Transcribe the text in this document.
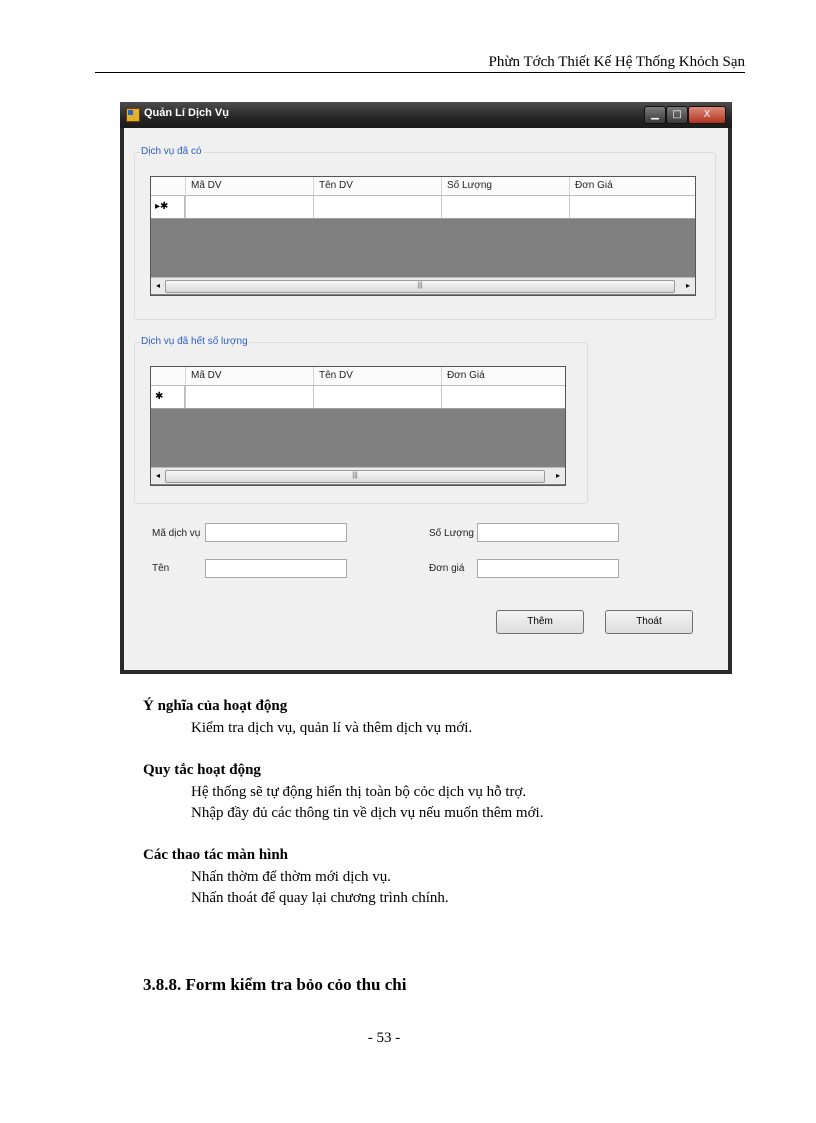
Phừn Tớch Thiết Kế Hệ Thống Khỏch Sạn
Quản Lí Dịch Vụ	▁	□	X
Dịch vụ đã có
Mã DV	Tên DV	Số Lượng	Đơn Giá
▸✱
◂	|||	▸
Dịch vụ đã hết số lượng
Mã DV	Tên DV	Đơn Giá
✱
◂	|||	▸
Mã dịch vụ
Tên
Số Lượng
Đơn giá
Thêm	Thoát
Ý nghĩa của hoạt động
Kiểm tra dịch vụ, quản lí và thêm dịch vụ mới.
Quy tắc hoạt động
Hệ thống sẽ tự động hiển thị toàn bộ cỏc dịch vụ hỗ trợ.
Nhập đầy đủ các thông tin về dịch vụ nếu muốn thêm mới.
Các thao tác màn hình
Nhấn thờm để thờm mới dịch vụ.
Nhấn thoát để quay lại chương trình chính.
3.8.8. Form kiểm tra bỏo cỏo thu chi
- 53 -
